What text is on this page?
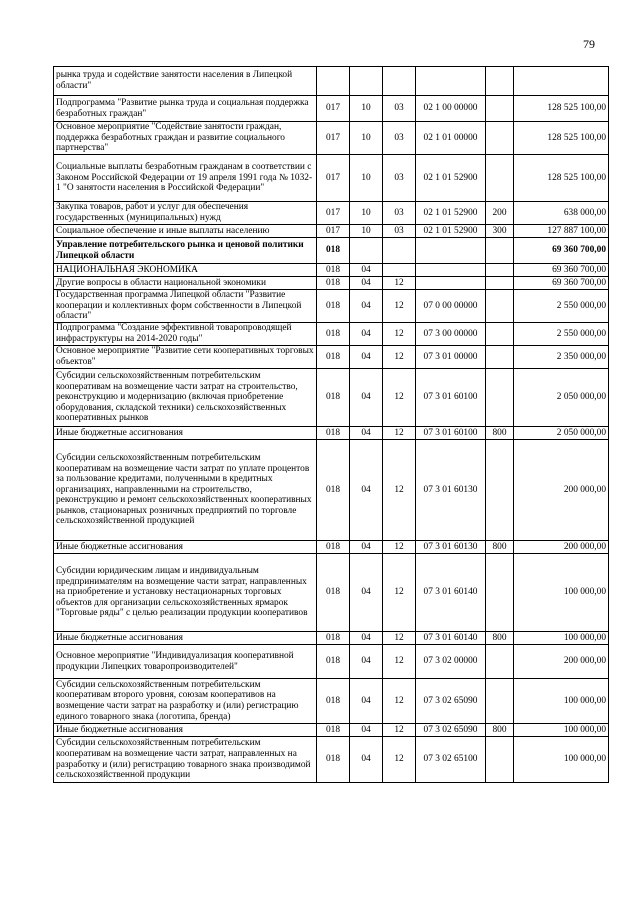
79
рынка труда и содействие занятости населения в Липецкой области"						
Подпрограмма "Развитие рынка труда и социальная поддержка безработных граждан"	017	10	03	02 1 00 00000		128 525 100,00
Основное мероприятие "Содействие занятости граждан, поддержка безработных граждан и развитие социального партнерства"	017	10	03	02 1 01 00000		128 525 100,00
Социальные выплаты безработным гражданам в соответствии с Законом Российской Федерации от 19 апреля 1991 года № 1032-1 "О занятости населения в Российской Федерации"	017	10	03	02 1 01 52900		128 525 100,00
Закупка товаров, работ и услуг для обеспечения государственных (муниципальных) нужд	017	10	03	02 1 01 52900	200	638 000,00
Социальное обеспечение и иные выплаты населению	017	10	03	02 1 01 52900	300	127 887 100,00
Управление потребительского рынка и ценовой политики Липецкой области	018					69 360 700,00
НАЦИОНАЛЬНАЯ ЭКОНОМИКА	018	04				69 360 700,00
Другие вопросы в области национальной экономики	018	04	12			69 360 700,00
Государственная программа Липецкой области "Развитие кооперации и коллективных форм собственности в Липецкой области"	018	04	12	07 0 00 00000		2 550 000,00
Подпрограмма "Создание эффективной товаропроводящей инфраструктуры на 2014-2020 годы"	018	04	12	07 3 00 00000		2 550 000,00
Основное мероприятие "Развитие сети кооперативных торговых объектов"	018	04	12	07 3 01 00000		2 350 000,00
Субсидии сельскохозяйственным потребительским кооперативам на возмещение части затрат на строительство, реконструкцию и модернизацию (включая приобретение оборудования, складской техники) сельскохозяйственных кооперативных рынков	018	04	12	07 3 01 60100		2 050 000,00
Иные бюджетные ассигнования	018	04	12	07 3 01 60100	800	2 050 000,00
Субсидии сельскохозяйственным потребительским кооперативам на возмещение части затрат по уплате процентов за пользование кредитами, полученными в кредитных организациях, направленными на строительство, реконструкцию и ремонт сельскохозяйственных кооперативных рынков, стационарных розничных предприятий по торговле сельскохозяйственной продукцией	018	04	12	07 3 01 60130		200 000,00
Иные бюджетные ассигнования	018	04	12	07 3 01 60130	800	200 000,00
Субсидии юридическим лицам и индивидуальным предпринимателям на возмещение части затрат, направленных на приобретение и установку нестационарных торговых объектов для организации сельскохозяйственных ярмарок "Торговые ряды" с целью реализации продукции кооперативов	018	04	12	07 3 01 60140		100 000,00
Иные бюджетные ассигнования	018	04	12	07 3 01 60140	800	100 000,00
Основное мероприятие "Индивидуализация кооперативной продукции Липецких товаропроизводителей"	018	04	12	07 3 02 00000		200 000,00
Субсидии сельскохозяйственным потребительским кооперативам второго уровня, союзам кооперативов на возмещение части затрат на разработку и (или) регистрацию единого товарного знака (логотипа, бренда)	018	04	12	07 3 02 65090		100 000,00
Иные бюджетные ассигнования	018	04	12	07 3 02 65090	800	100 000,00
Субсидии сельскохозяйственным потребительским кооперативам на возмещение части затрат, направленных на разработку и (или) регистрацию товарного знака производимой сельскохозяйственной продукции	018	04	12	07 3 02 65100		100 000,00
